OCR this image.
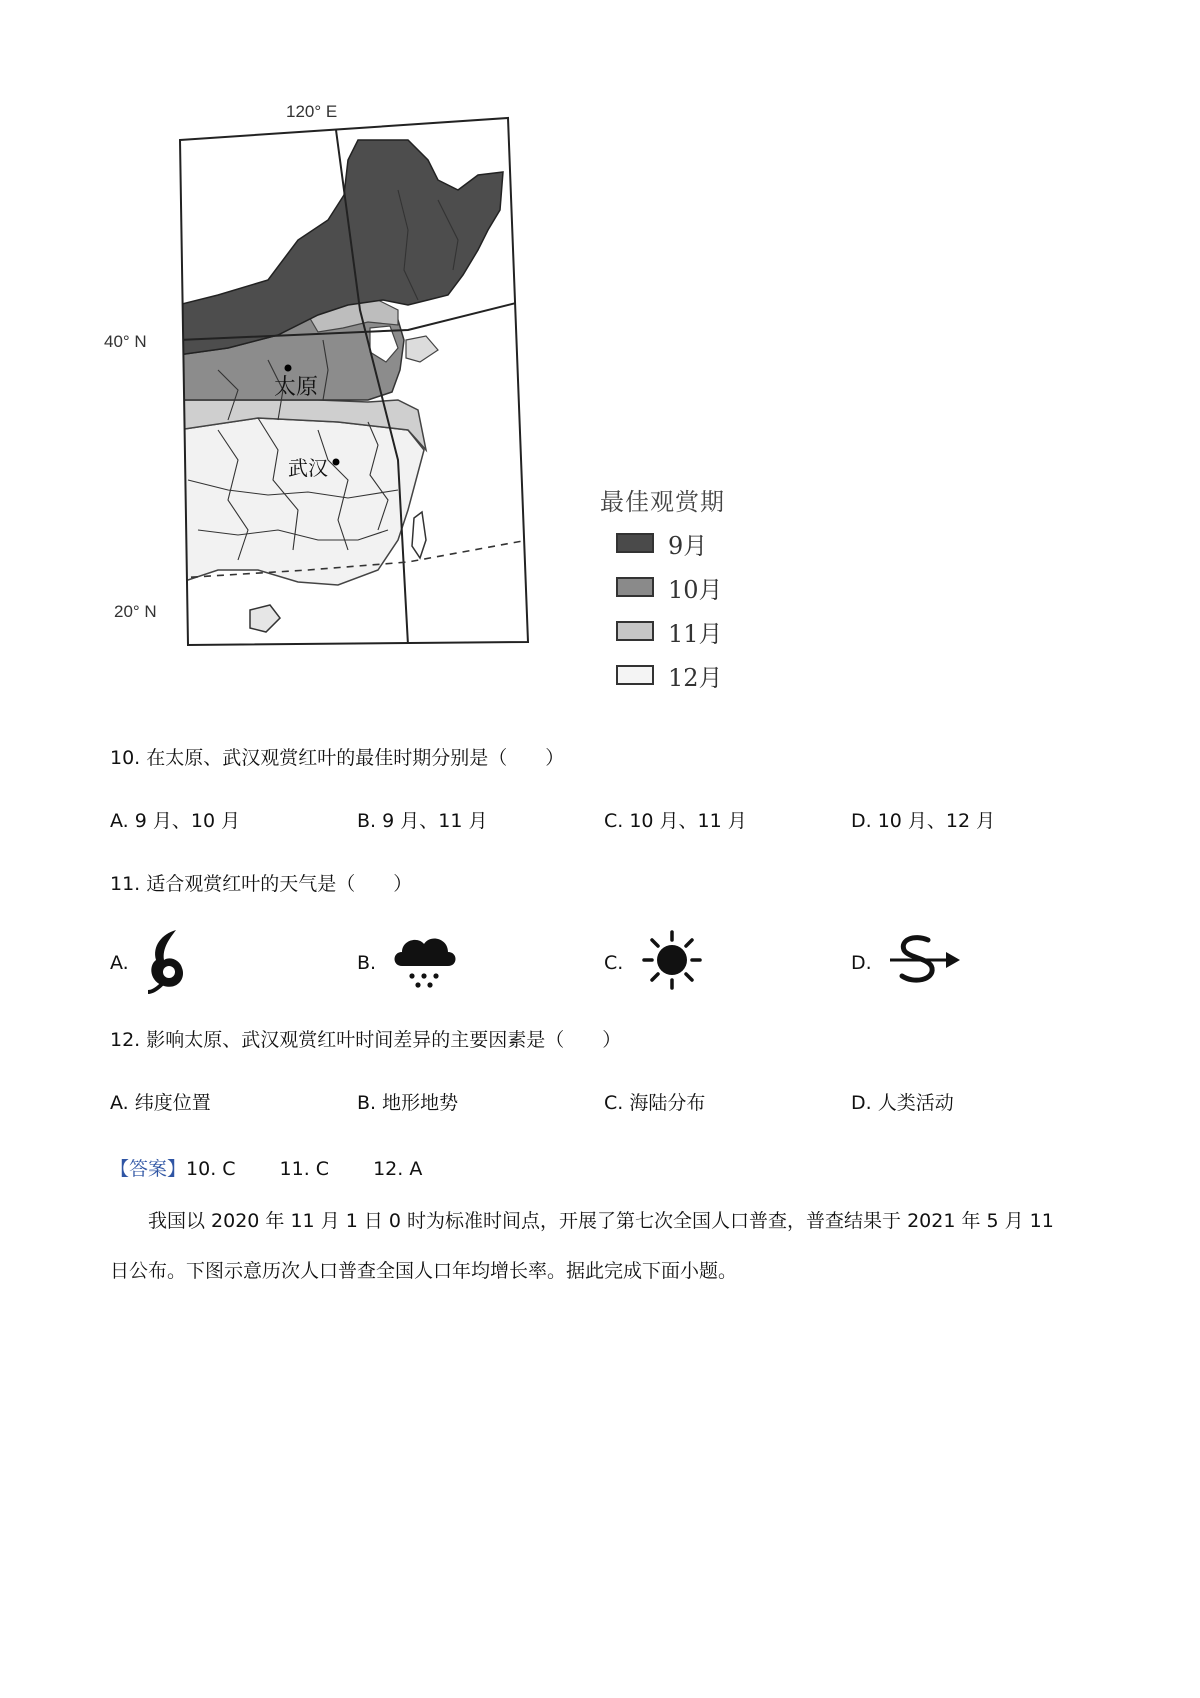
120° E
40° N
20° N
太原
武汉
最佳观赏期
9月
10月
11月
12月
10. 在太原、武汉观赏红叶的最佳时期分别是（　　）
A. 9 月、10 月	B. 9 月、11 月	C. 10 月、11 月	D. 10 月、12 月
11. 适合观赏红叶的天气是（　　）
A.	B.	C.	D.
12. 影响太原、武汉观赏红叶时间差异的主要因素是（　　）
A. 纬度位置	B. 地形地势	C. 海陆分布	D. 人类活动
【答案】10. C 11. C 12. A
我国以 2020 年 11 月 1 日 0 时为标准时间点，开展了第七次全国人口普查，普查结果于 2021 年 5 月 11
日公布。下图示意历次人口普查全国人口年均增长率。据此完成下面小题。
